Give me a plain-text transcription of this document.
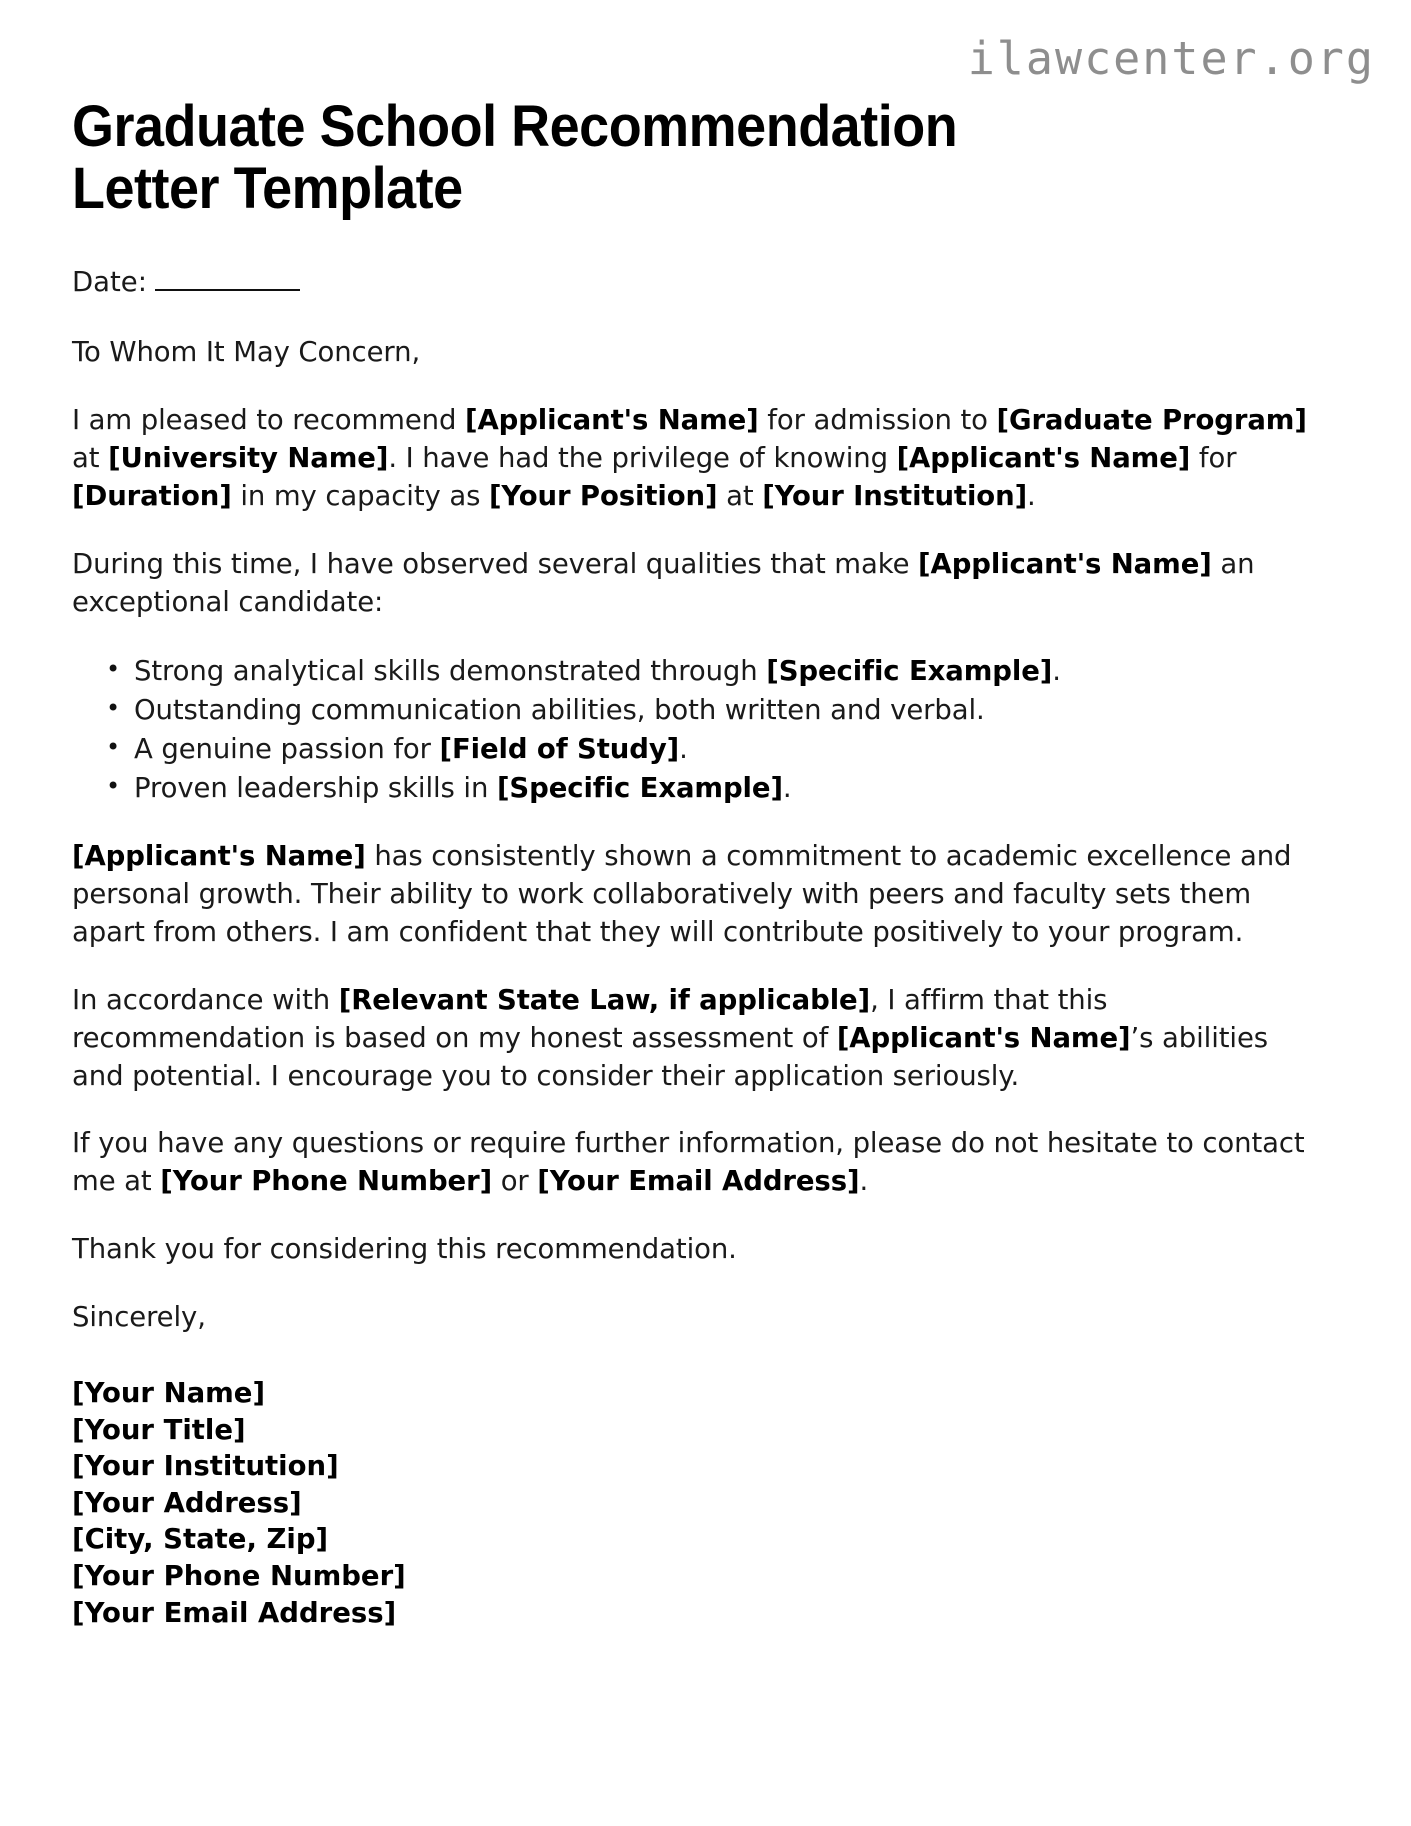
ilawcenter.org
Graduate School Recommendation Letter Template
Date:

To Whom It May Concern,

I am pleased to recommend [Applicant's Name] for admission to [Graduate Program] at [University Name]. I have had the privilege of knowing [Applicant's Name] for [Duration] in my capacity as [Your Position] at [Your Institution].

During this time, I have observed several qualities that make [Applicant's Name] an exceptional candidate:

• Strong analytical skills demonstrated through [Specific Example].
• Outstanding communication abilities, both written and verbal.
• A genuine passion for [Field of Study].
• Proven leadership skills in [Specific Example].

[Applicant's Name] has consistently shown a commitment to academic excellence and personal growth. Their ability to work collaboratively with peers and faculty sets them apart from others. I am confident that they will contribute positively to your program.

In accordance with [Relevant State Law, if applicable], I affirm that this recommendation is based on my honest assessment of [Applicant's Name]’s abilities and potential. I encourage you to consider their application seriously.

If you have any questions or require further information, please do not hesitate to contact me at [Your Phone Number] or [Your Email Address].

Thank you for considering this recommendation.

Sincerely,

[Your Name]
[Your Title]
[Your Institution]
[Your Address]
[City, State, Zip]
[Your Phone Number]
[Your Email Address]
